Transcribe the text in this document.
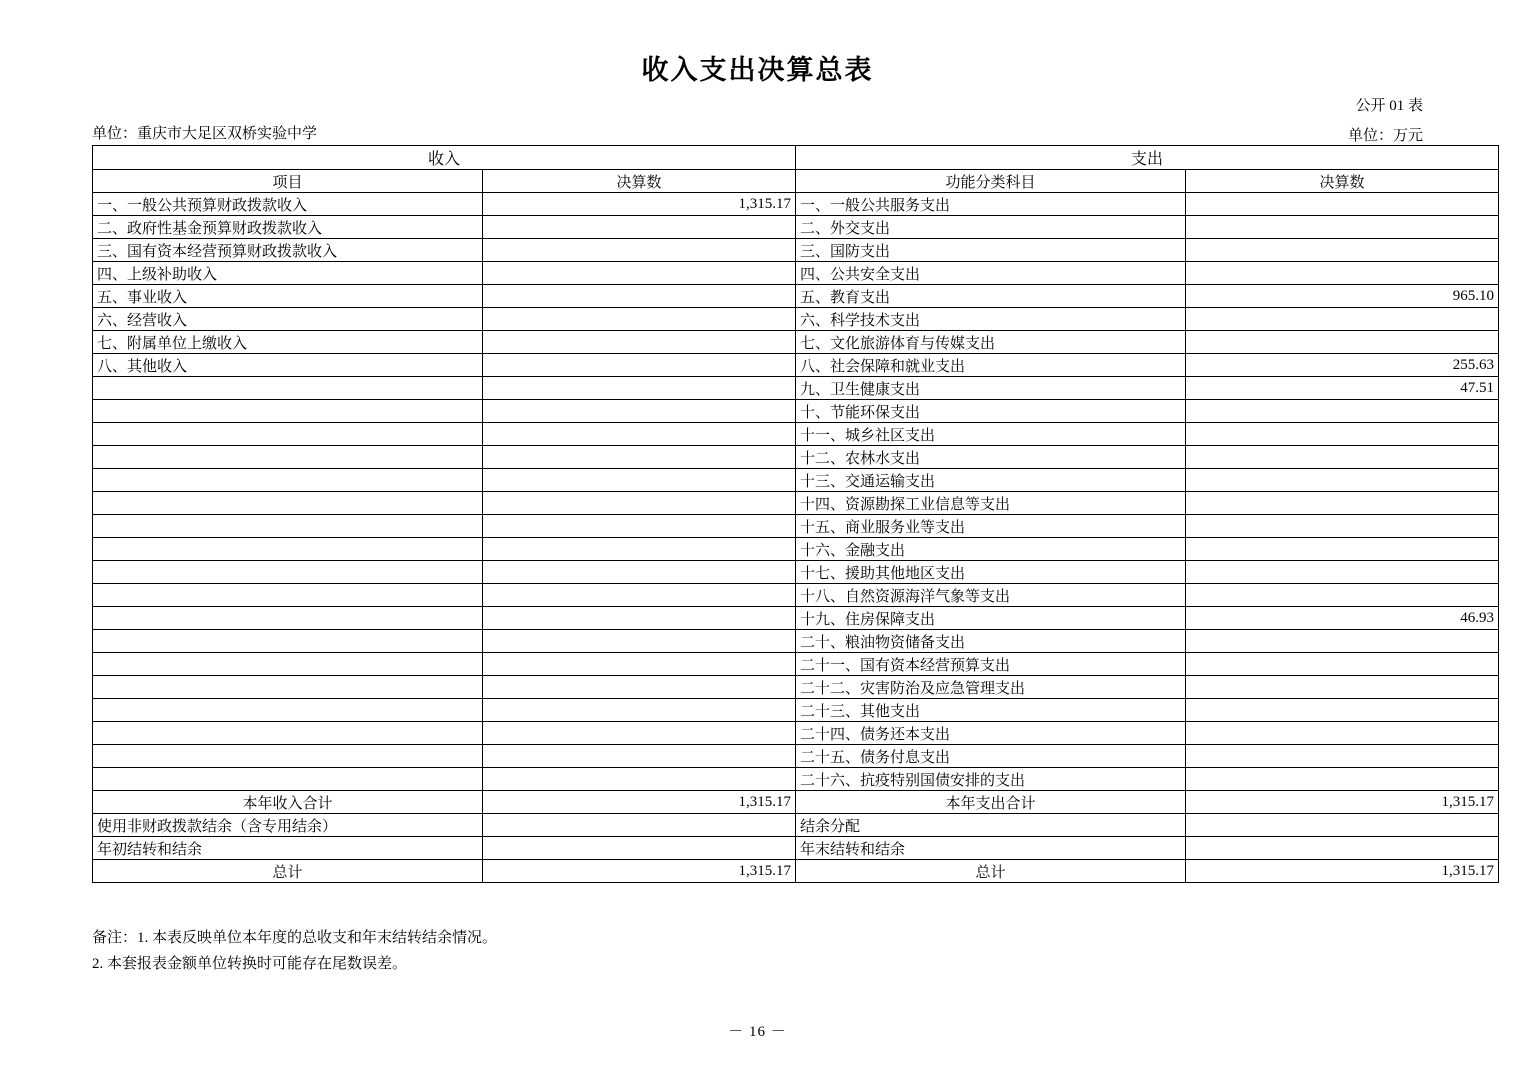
收入支出决算总表
公开 01 表
单位：万元
单位：重庆市大足区双桥实验中学
收入		支出	
项目	决算数	功能分类科目	决算数
一、一般公共预算财政拨款收入	1,315.17	一、一般公共服务支出	
二、政府性基金预算财政拨款收入		二、外交支出	
三、国有资本经营预算财政拨款收入		三、国防支出	
四、上级补助收入		四、公共安全支出	
五、事业收入		五、教育支出	965.10
六、经营收入		六、科学技术支出	
七、附属单位上缴收入		七、文化旅游体育与传媒支出	
八、其他收入		八、社会保障和就业支出	255.63
		九、卫生健康支出	47.51
		十、节能环保支出	
		十一、城乡社区支出	
		十二、农林水支出	
		十三、交通运输支出	
		十四、资源勘探工业信息等支出	
		十五、商业服务业等支出	
		十六、金融支出	
		十七、援助其他地区支出	
		十八、自然资源海洋气象等支出	
		十九、住房保障支出	46.93
		二十、粮油物资储备支出	
		二十一、国有资本经营预算支出	
		二十二、灾害防治及应急管理支出	
		二十三、其他支出	
		二十四、债务还本支出	
		二十五、债务付息支出	
		二十六、抗疫特别国债安排的支出	
本年收入合计	1,315.17	本年支出合计	1,315.17
使用非财政拨款结余（含专用结余）		结余分配	
年初结转和结余		年末结转和结余	
总计	1,315.17	总计	1,315.17
备注：1. 本表反映单位本年度的总收支和年末结转结余情况。
2. 本套报表金额单位转换时可能存在尾数误差。
－ 16 －
